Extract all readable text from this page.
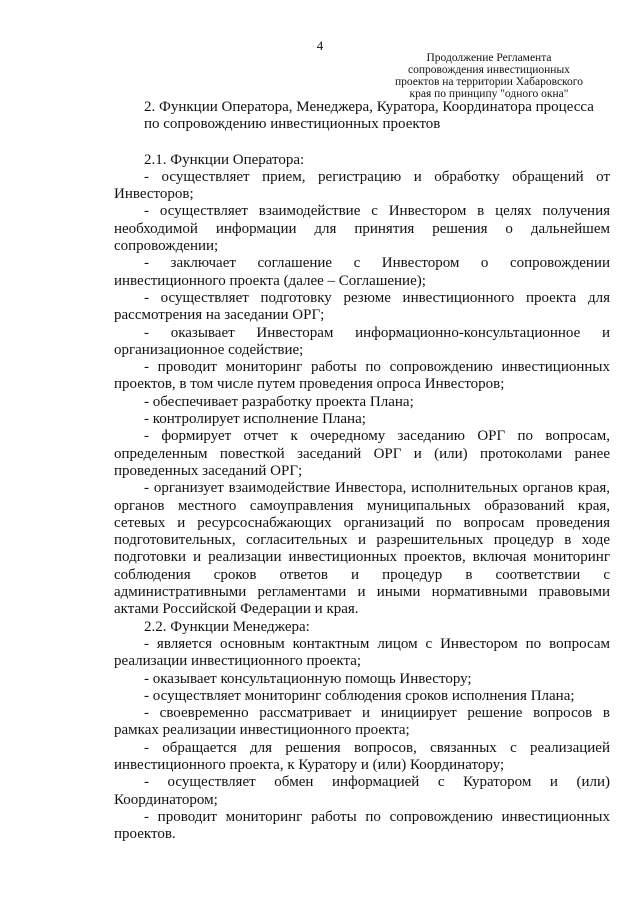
4
Продолжение Регламента
сопровождения инвестиционных
проектов на территории Хабаровского
края по принципу "одного окна"
2. Функции Оператора, Менеджера, Куратора, Координатора процесса
по сопровождению инвестиционных проектов
2.1. Функции Оператора:

- осуществляет прием, регистрацию и обработку обращений от Инвесторов;

- осуществляет взаимодействие с Инвестором в целях получения необходимой информации для принятия решения о дальнейшем сопровождении;

- заключает соглашение с Инвестором о сопровождении инвестиционного проекта (далее – Соглашение);

- осуществляет подготовку резюме инвестиционного проекта для рассмотрения на заседании ОРГ;

- оказывает Инвесторам информационно-консультационное и организационное содействие;

- проводит мониторинг работы по сопровождению инвестиционных проектов, в том числе путем проведения опроса Инвесторов;

- обеспечивает разработку проекта Плана;

- контролирует исполнение Плана;

- формирует отчет к очередному заседанию ОРГ по вопросам, определенным повесткой заседаний ОРГ и (или) протоколами ранее проведенных заседаний ОРГ;

- организует взаимодействие Инвестора, исполнительных органов края, органов местного самоуправления муниципальных образований края, сетевых и ресурсоснабжающих организаций по вопросам проведения подготовительных, согласительных и разрешительных процедур в ходе подготовки и реализации инвестиционных проектов, включая мониторинг соблюдения сроков ответов и процедур в соответствии с административными регламентами и иными нормативными правовыми актами Российской Федерации и края.

2.2. Функции Менеджера:

- является основным контактным лицом с Инвестором по вопросам реализации инвестиционного проекта;

- оказывает консультационную помощь Инвестору;

- осуществляет мониторинг соблюдения сроков исполнения Плана;

- своевременно рассматривает и инициирует решение вопросов в рамках реализации инвестиционного проекта;

- обращается для решения вопросов, связанных с реализацией инвестиционного проекта, к Куратору и (или) Координатору;

- осуществляет обмен информацией с Куратором и (или) Координатором;

- проводит мониторинг работы по сопровождению инвестиционных проектов.
